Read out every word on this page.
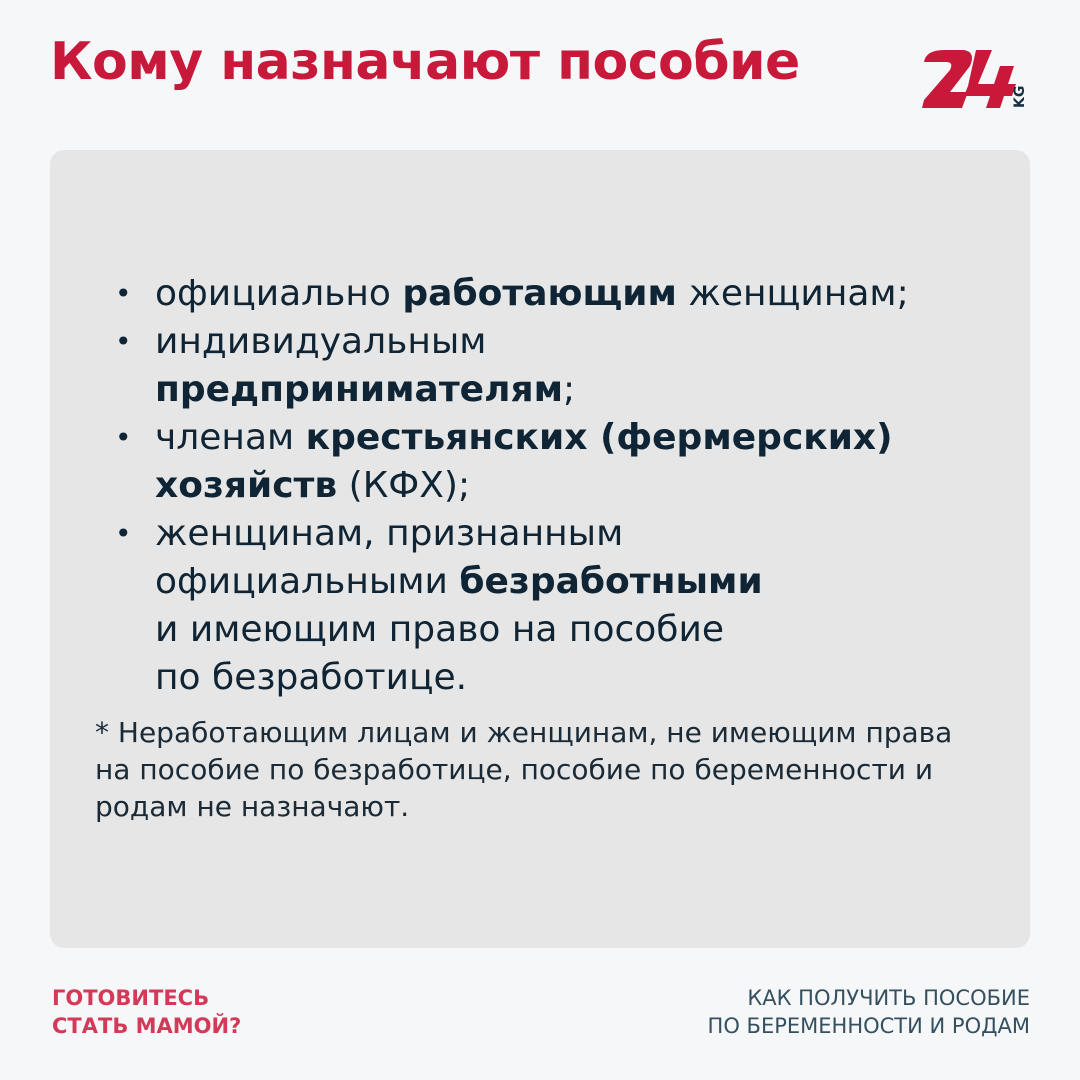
Кому назначают пособие
KG
• официально работающим женщинам;
• индивидуальным
предпринимателям;
• членам крестьянских (фермерских)
хозяйств (КФХ);
• женщинам, признанным
официальными безработными
и имеющим право на пособие
по безработице.

* Неработающим лицам и женщинам, не имеющим права на пособие по безработице, пособие по беременности и родам не назначают.

ГОТОВИТЕСЬ
СТАТЬ МАМОЙ?
КАК ПОЛУЧИТЬ ПОСОБИЕ
ПО БЕРЕМЕННОСТИ И РОДАМ
